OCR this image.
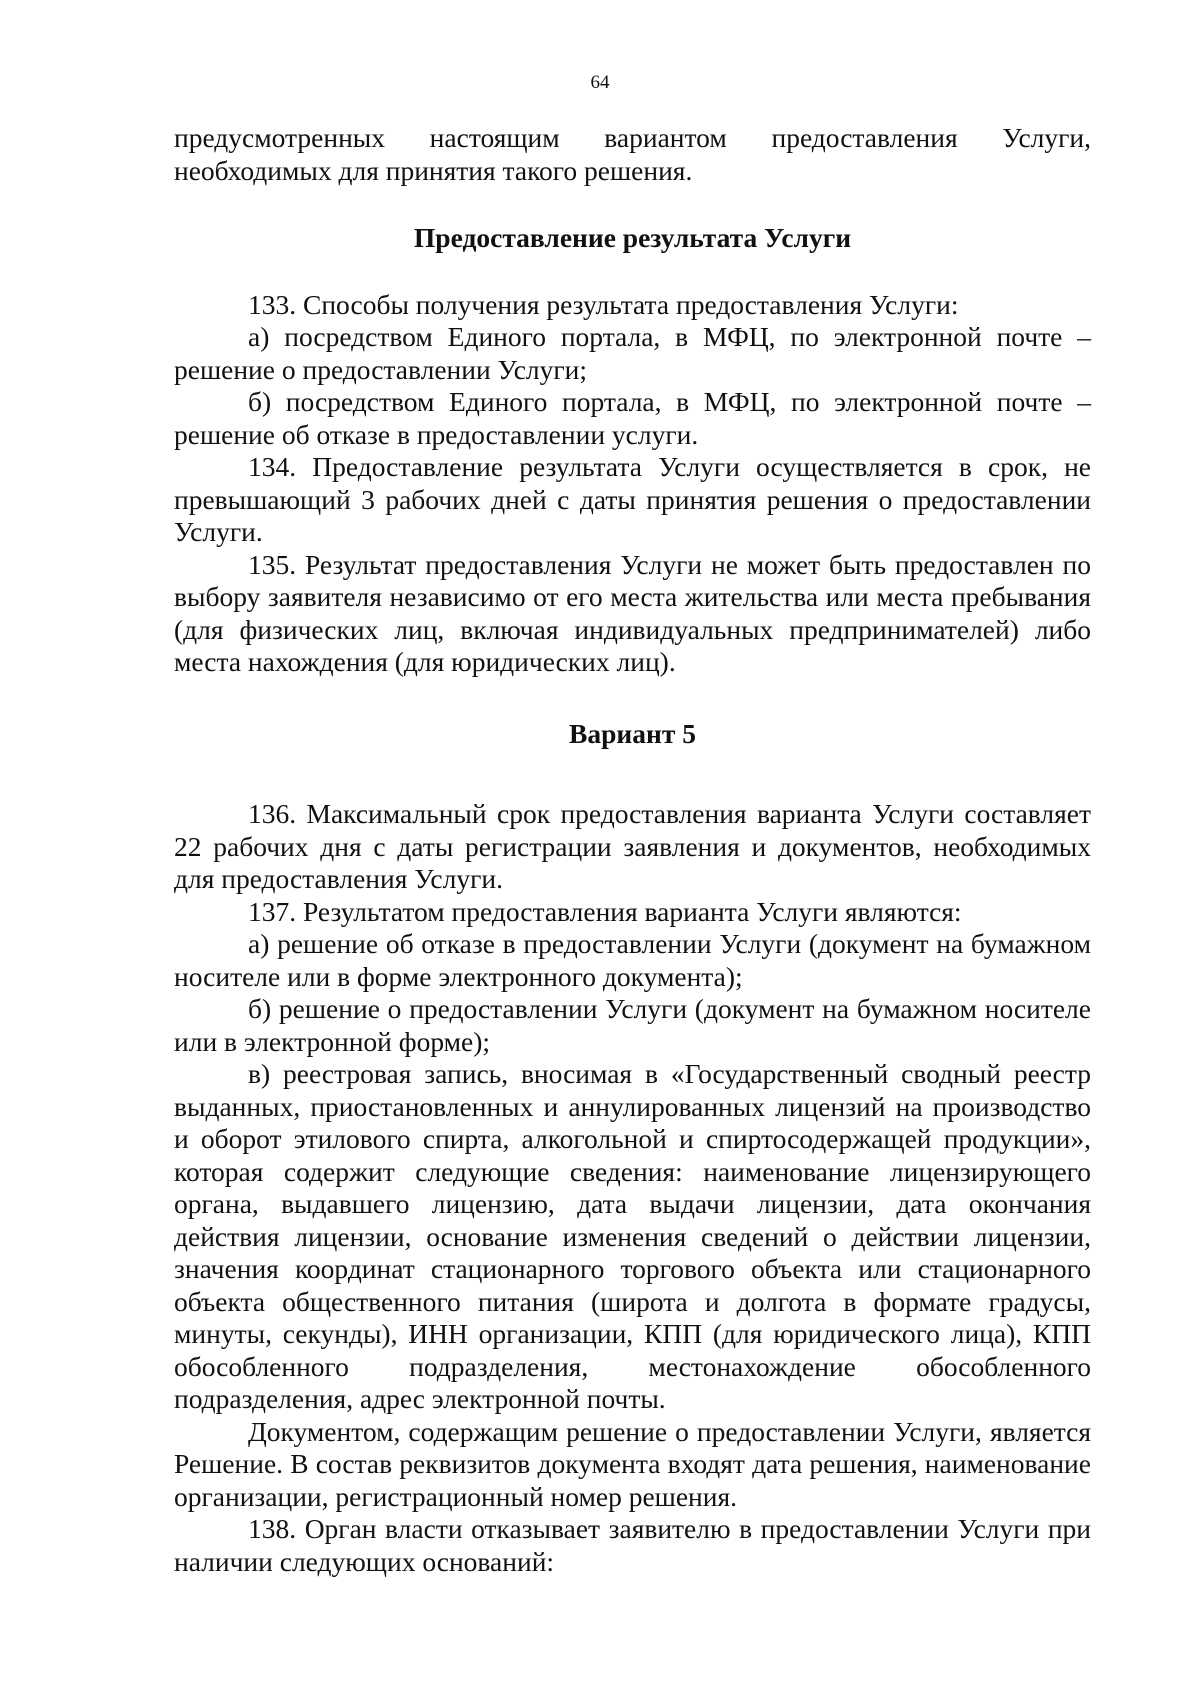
64

предусмотренных настоящим вариантом предоставления Услуги, необходимых для принятия такого решения.

Предоставление результата Услуги

133. Способы получения результата предоставления Услуги:

а) посредством Единого портала, в МФЦ, по электронной почте – решение о предоставлении Услуги;

б) посредством Единого портала, в МФЦ, по электронной почте – решение об отказе в предоставлении услуги.

134. Предоставление результата Услуги осуществляется в срок, не превышающий 3 рабочих дней с даты принятия решения о предоставлении Услуги.

135. Результат предоставления Услуги не может быть предоставлен по выбору заявителя независимо от его места жительства или места пребывания (для физических лиц, включая индивидуальных предпринимателей) либо места нахождения (для юридических лиц).

Вариант 5

136. Максимальный срок предоставления варианта Услуги составляет 22 рабочих дня с даты регистрации заявления и документов, необходимых для предоставления Услуги.

137. Результатом предоставления варианта Услуги являются:

а) решение об отказе в предоставлении Услуги (документ на бумажном носителе или в форме электронного документа);

б) решение о предоставлении Услуги (документ на бумажном носителе или в электронной форме);

в) реестровая запись, вносимая в «Государственный сводный реестр выданных, приостановленных и аннулированных лицензий на производство и оборот этилового спирта, алкогольной и спиртосодержащей продукции», которая содержит следующие сведения: наименование лицензирующего органа, выдавшего лицензию, дата выдачи лицензии, дата окончания действия лицензии, основание изменения сведений о действии лицензии, значения координат стационарного торгового объекта или стационарного объекта общественного питания (широта и долгота в формате градусы, минуты, секунды), ИНН организации, КПП (для юридического лица), КПП обособленного подразделения, местонахождение обособленного подразделения, адрес электронной почты.

Документом, содержащим решение о предоставлении Услуги, является Решение. В состав реквизитов документа входят дата решения, наименование организации, регистрационный номер решения.

138. Орган власти отказывает заявителю в предоставлении Услуги при наличии следующих оснований:
